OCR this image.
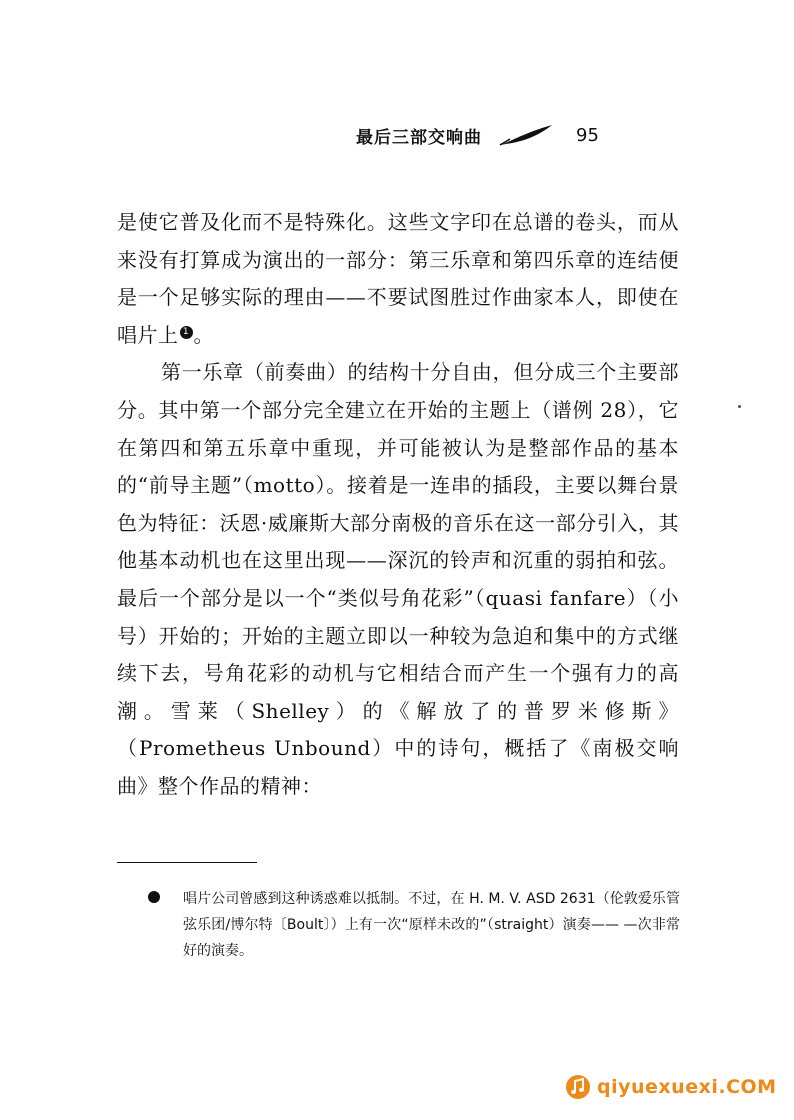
最后三部交响曲	95

是使它普及化而不是特殊化。这些文字印在总谱的卷头，而从来没有打算成为演出的一部分：第三乐章和第四乐章的连结便是一个足够实际的理由——不要试图胜过作曲家本人，即使在唱片上 1 。

第一乐章（前奏曲）的结构十分自由，但分成三个主要部分。其中第一个部分完全建立在开始的主题上（谱例 28），它在第四和第五乐章中重现，并可能被认为是整部作品的基本的“前导主题”（motto）。接着是一连串的插段，主要以舞台景色为特征：沃恩·威廉斯大部分南极的音乐在这一部分引入，其他基本动机也在这里出现——深沉的铃声和沉重的弱拍和弦。最后一个部分是以一个“类似号角花彩”（quasi fanfare）（小号）开始的；开始的主题立即以一种较为急迫和集中的方式继续下去，号角花彩的动机与它相结合而产生一个强有力的高潮。雪莱（Shelley）的《解放了的普罗米修斯》（Prometheus Unbound）中的诗句，概括了《南极交响曲》整个作品的精神：

唱片公司曾感到这种诱惑难以抵制。不过，在 H. M. V. ASD 2631（伦敦爱乐管弦乐团/博尔特〔Boult〕）上有一次“原样未改的”（straight）演奏—— —次非常好的演奏。

qiyuexuexi.COM
